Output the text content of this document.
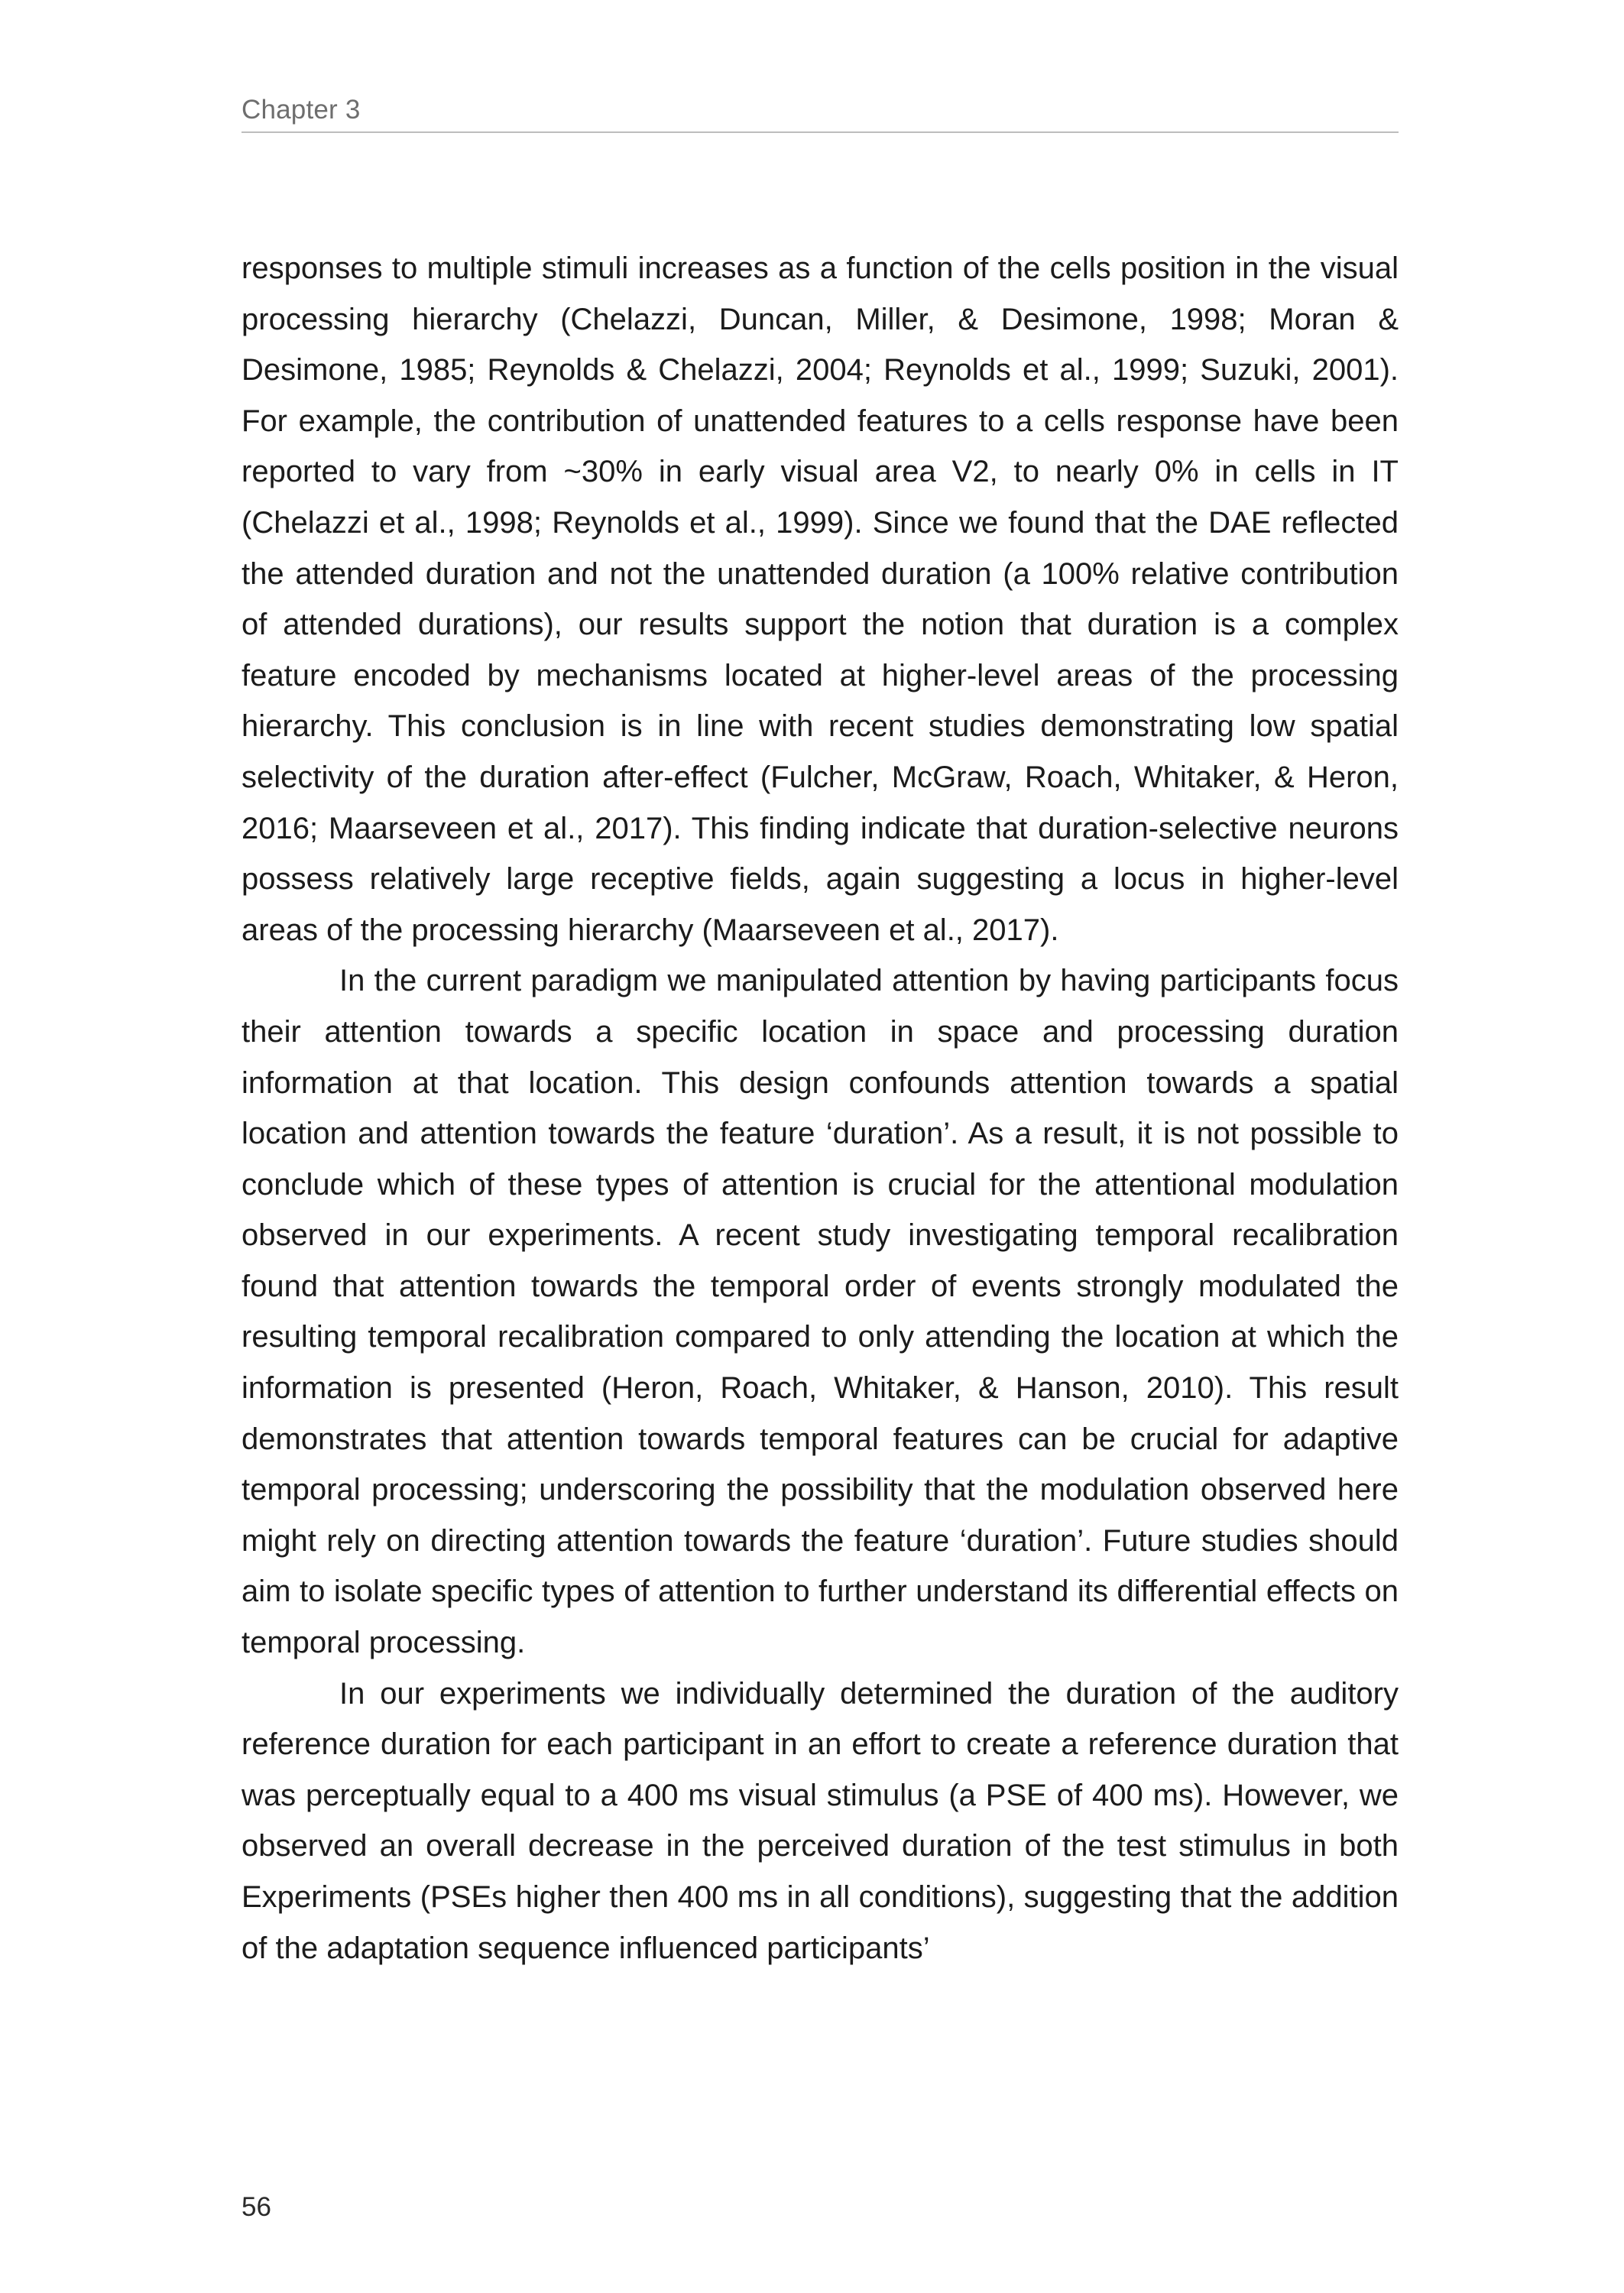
Chapter 3

responses to multiple stimuli increases as a function of the cells position in the visual processing hierarchy (Chelazzi, Duncan, Miller, & Desimone, 1998; Moran & Desimone, 1985; Reynolds & Chelazzi, 2004; Reynolds et al., 1999; Suzuki, 2001). For example, the contribution of unattended features to a cells response have been reported to vary from ~30% in early visual area V2, to nearly 0% in cells in IT (Chelazzi et al., 1998; Reynolds et al., 1999). Since we found that the DAE reflected the attended duration and not the unattended duration (a 100% relative contribution of attended durations), our results support the notion that duration is a complex feature encoded by mechanisms located at higher-level areas of the processing hierarchy. This conclusion is in line with recent studies demonstrating low spatial selectivity of the duration after-effect (Fulcher, McGraw, Roach, Whitaker, & Heron, 2016; Maarseveen et al., 2017). This finding indicate that duration-selective neurons possess relatively large receptive fields, again suggesting a locus in higher-level areas of the processing hierarchy (Maarseveen et al., 2017).

In the current paradigm we manipulated attention by having participants focus their attention towards a specific location in space and processing duration information at that location. This design confounds attention towards a spatial location and attention towards the feature ‘duration’. As a result, it is not possible to conclude which of these types of attention is crucial for the attentional modulation observed in our experiments. A recent study investigating temporal recalibration found that attention towards the temporal order of events strongly modulated the resulting temporal recalibration compared to only attending the location at which the information is presented (Heron, Roach, Whitaker, & Hanson, 2010). This result demonstrates that attention towards temporal features can be crucial for adaptive temporal processing; underscoring the possibility that the modulation observed here might rely on directing attention towards the feature ‘duration’. Future studies should aim to isolate specific types of attention to further understand its differential effects on temporal processing.

In our experiments we individually determined the duration of the auditory reference duration for each participant in an effort to create a reference duration that was perceptually equal to a 400 ms visual stimulus (a PSE of 400 ms). However, we observed an overall decrease in the perceived duration of the test stimulus in both Experiments (PSEs higher then 400 ms in all conditions), suggesting that the addition of the adaptation sequence influenced participants’

56
